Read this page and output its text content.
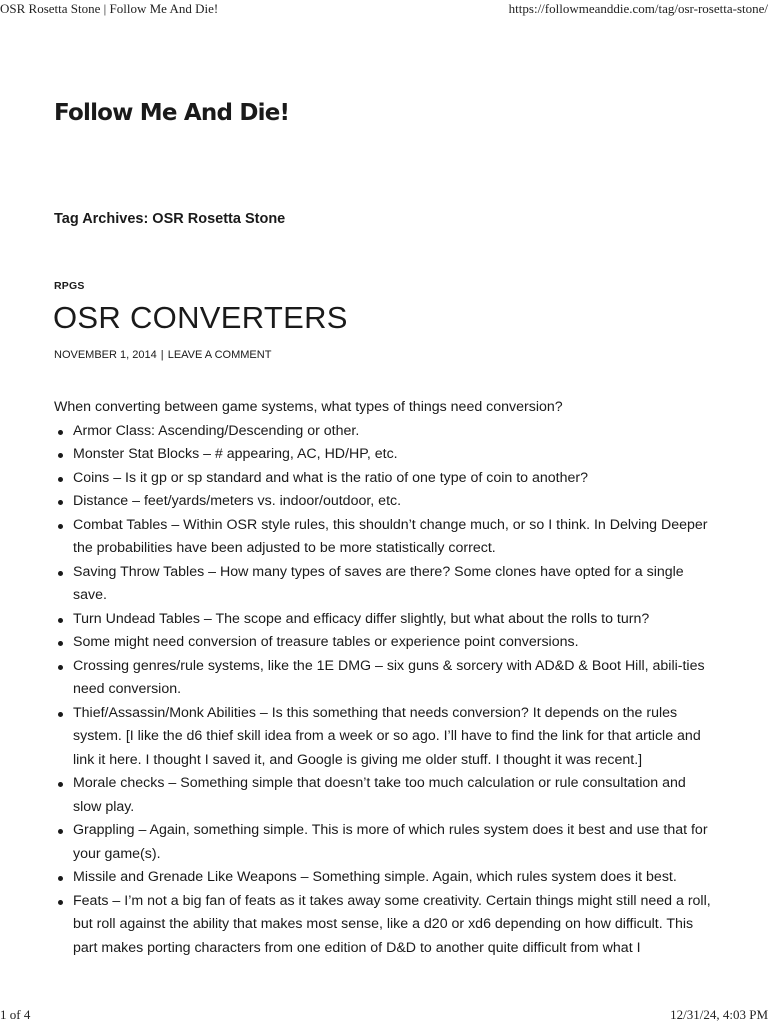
OSR Rosetta Stone | Follow Me And Die!	https://followmeanddie.com/tag/osr-rosetta-stone/
Follow Me And Die!
Tag Archives: OSR Rosetta Stone
RPGS
OSR CONVERTERS
NOVEMBER 1, 2014 | LEAVE A COMMENT

When converting between game systems, what types of things need conversion?

Armor Class: Ascending/Descending or other.
Monster Stat Blocks – # appearing, AC, HD/HP, etc.
Coins – Is it gp or sp standard and what is the ratio of one type of coin to another?
Distance – feet/yards/meters vs. indoor/outdoor, etc.
Combat Tables – Within OSR style rules, this shouldn’t change much, or so I think. In Delving Deeper the probabilities have been adjusted to be more statistically correct.
Saving Throw Tables – How many types of saves are there? Some clones have opted for a single save.
Turn Undead Tables – The scope and efficacy differ slightly, but what about the rolls to turn?
Some might need conversion of treasure tables or experience point conversions.
Crossing genres/rule systems, like the 1E DMG – six guns & sorcery with AD&D & Boot Hill, abili-ties need conversion.
Thief/Assassin/Monk Abilities – Is this something that needs conversion? It depends on the rules system. [I like the d6 thief skill idea from a week or so ago. I’ll have to find the link for that article and link it here. I thought I saved it, and Google is giving me older stuff. I thought it was recent.]
Morale checks – Something simple that doesn’t take too much calculation or rule consultation and slow play.
Grappling – Again, something simple. This is more of which rules system does it best and use that for your game(s).
Missile and Grenade Like Weapons – Something simple. Again, which rules system does it best.
Feats – I’m not a big fan of feats as it takes away some creativity. Certain things might still need a roll, but roll against the ability that makes most sense, like a d20 or xd6 depending on how difficult. This part makes porting characters from one edition of D&D to another quite difficult from what I
1 of 4	12/31/24, 4:03 PM
